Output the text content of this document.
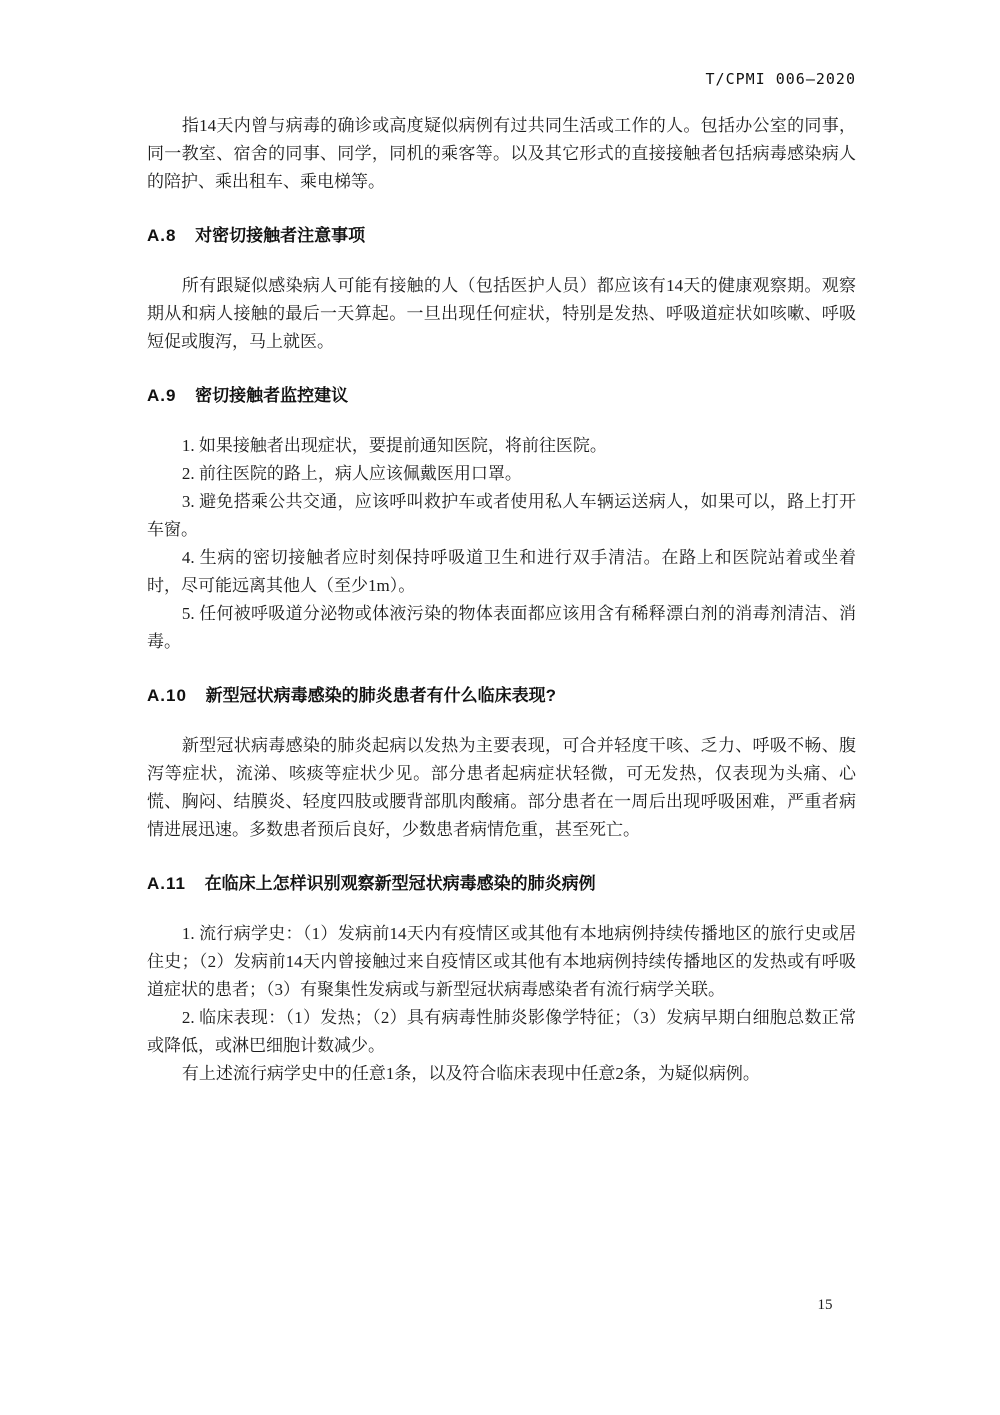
T/CPMI 006—2020

指14天内曾与病毒的确诊或高度疑似病例有过共同生活或工作的人。包括办公室的同事，同一教室、宿舍的同事、同学，同机的乘客等。以及其它形式的直接接触者包括病毒感染病人的陪护、乘出租车、乘电梯等。

A.8 对密切接触者注意事项

所有跟疑似感染病人可能有接触的人（包括医护人员）都应该有14天的健康观察期。观察期从和病人接触的最后一天算起。一旦出现任何症状，特别是发热、呼吸道症状如咳嗽、呼吸短促或腹泻，马上就医。

A.9 密切接触者监控建议

1. 如果接触者出现症状，要提前通知医院，将前往医院。

2. 前往医院的路上，病人应该佩戴医用口罩。

3. 避免搭乘公共交通，应该呼叫救护车或者使用私人车辆运送病人，如果可以，路上打开车窗。

4. 生病的密切接触者应时刻保持呼吸道卫生和进行双手清洁。在路上和医院站着或坐着时，尽可能远离其他人（至少1m）。

5. 任何被呼吸道分泌物或体液污染的物体表面都应该用含有稀释漂白剂的消毒剂清洁、消毒。

A.10 新型冠状病毒感染的肺炎患者有什么临床表现?

新型冠状病毒感染的肺炎起病以发热为主要表现，可合并轻度干咳、乏力、呼吸不畅、腹泻等症状，流涕、咳痰等症状少见。部分患者起病症状轻微，可无发热，仅表现为头痛、心慌、胸闷、结膜炎、轻度四肢或腰背部肌肉酸痛。部分患者在一周后出现呼吸困难，严重者病情进展迅速。多数患者预后良好，少数患者病情危重，甚至死亡。

A.11 在临床上怎样识别观察新型冠状病毒感染的肺炎病例

1. 流行病学史：（1）发病前14天内有疫情区或其他有本地病例持续传播地区的旅行史或居住史；（2）发病前14天内曾接触过来自疫情区或其他有本地病例持续传播地区的发热或有呼吸道症状的患者；（3）有聚集性发病或与新型冠状病毒感染者有流行病学关联。

2. 临床表现：（1）发热；（2）具有病毒性肺炎影像学特征；（3）发病早期白细胞总数正常或降低，或淋巴细胞计数减少。

有上述流行病学史中的任意1条，以及符合临床表现中任意2条，为疑似病例。

15
